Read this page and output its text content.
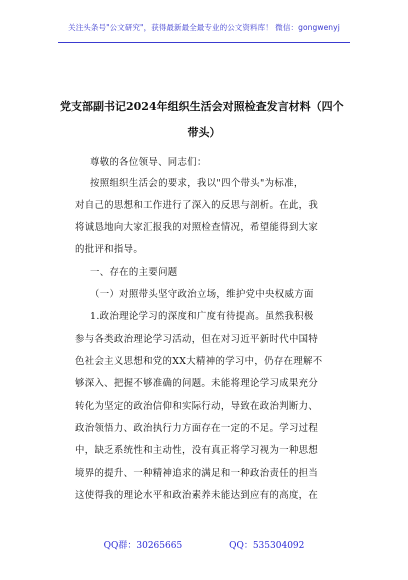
关注头条号"公文研究"，获得最新最全最专业的公文资料库！ 微信：gongwenyj
党支部副书记2024年组织生活会对照检查发言材料（四个
带头）
尊敬的各位领导、同志们：
按照组织生活会的要求，我以"四个带头"为标准，
对自己的思想和工作进行了深入的反思与剖析。在此，我
将诚恳地向大家汇报我的对照检查情况，希望能得到大家
的批评和指导。
一、存在的主要问题
（一）对照带头坚守政治立场，维护党中央权威方面
1.政治理论学习的深度和广度有待提高。虽然我积极
参与各类政治理论学习活动，但在对习近平新时代中国特
色社会主义思想和党的XX大精神的学习中，仍存在理解不
够深入、把握不够准确的问题。未能将理论学习成果充分
转化为坚定的政治信仰和实际行动，导致在政治判断力、
政治领悟力、政治执行力方面存在一定的不足。学习过程
中，缺乏系统性和主动性，没有真正将学习视为一种思想
境界的提升、一种精神追求的满足和一种政治责任的担当
这使得我的理论水平和政治素养未能达到应有的高度，在
QQ群：30265665	QQ：535304092
